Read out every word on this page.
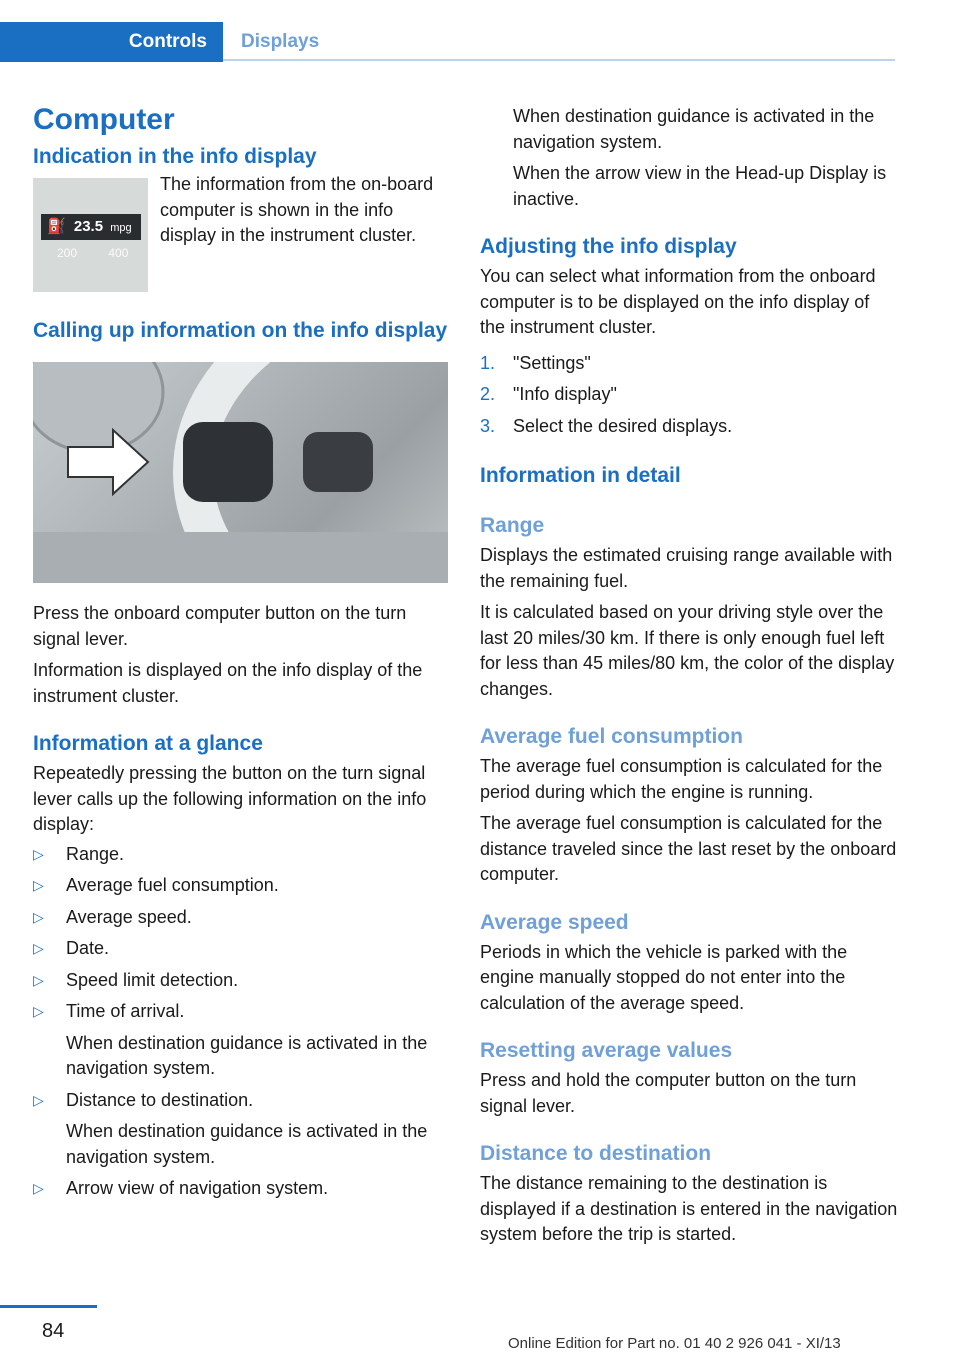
Controls	Displays
Computer
Indication in the info display
⛽ 23.5 mpg
200	400

The information from the on-board computer is shown in the info display in the instrument cluster.

Calling up information on the info display

Press the onboard computer button on the turn signal lever.

Information is displayed on the info display of the instrument cluster.

Information at a glance

Repeatedly pressing the button on the turn signal lever calls up the following information on the info display:

▷ Range.
▷ Average fuel consumption.
▷ Average speed.
▷ Date.
▷ Speed limit detection.
▷ Time of arrival.
When destination guidance is activated in the navigation system.
▷ Distance to destination.
When destination guidance is activated in the navigation system.
▷ Arrow view of navigation system.

When destination guidance is activated in the navigation system.

When the arrow view in the Head-up Display is inactive.

Adjusting the info display

You can select what information from the onboard computer is to be displayed on the info display of the instrument cluster.

1. "Settings"
2. "Info display"
3. Select the desired displays.
Information in detail
Range

Displays the estimated cruising range available with the remaining fuel.

It is calculated based on your driving style over the last 20 miles/30 km. If there is only enough fuel left for less than 45 miles/80 km, the color of the display changes.

Average fuel consumption

The average fuel consumption is calculated for the period during which the engine is running.

The average fuel consumption is calculated for the distance traveled since the last reset by the onboard computer.

Average speed

Periods in which the vehicle is parked with the engine manually stopped do not enter into the calculation of the average speed.

Resetting average values

Press and hold the computer button on the turn signal lever.

Distance to destination

The distance remaining to the destination is displayed if a destination is entered in the navigation system before the trip is started.

84
Online Edition for Part no. 01 40 2 926 041 - XI/13
